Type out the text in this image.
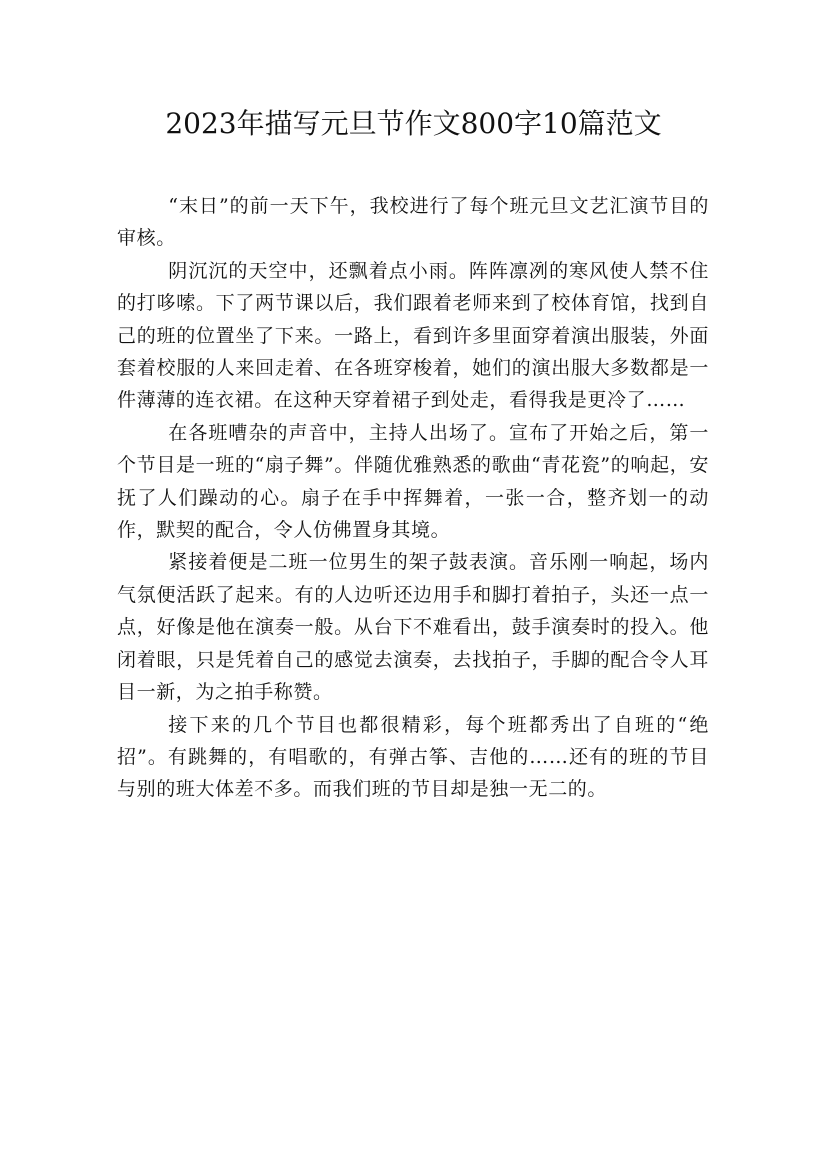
2023年描写元旦节作文800字10篇范文

“末日”的前一天下午，我校进行了每个班元旦文艺汇演节目的审核。

阴沉沉的天空中，还飘着点小雨。阵阵凛冽的寒风使人禁不住的打哆嗦。下了两节课以后，我们跟着老师来到了校体育馆，找到自己的班的位置坐了下来。一路上，看到许多里面穿着演出服装，外面套着校服的人来回走着、在各班穿梭着，她们的演出服大多数都是一件薄薄的连衣裙。在这种天穿着裙子到处走，看得我是更冷了……

在各班嘈杂的声音中，主持人出场了。宣布了开始之后，第一个节目是一班的“扇子舞”。伴随优雅熟悉的歌曲“青花瓷”的响起，安抚了人们躁动的心。扇子在手中挥舞着，一张一合，整齐划一的动作，默契的配合，令人仿佛置身其境。

紧接着便是二班一位男生的架子鼓表演。音乐刚一响起，场内气氛便活跃了起来。有的人边听还边用手和脚打着拍子，头还一点一点，好像是他在演奏一般。从台下不难看出，鼓手演奏时的投入。他闭着眼，只是凭着自己的感觉去演奏，去找拍子，手脚的配合令人耳目一新，为之拍手称赞。

接下来的几个节目也都很精彩，每个班都秀出了自班的“绝招”。有跳舞的，有唱歌的，有弹古筝、吉他的……还有的班的节目与别的班大体差不多。而我们班的节目却是独一无二的。
